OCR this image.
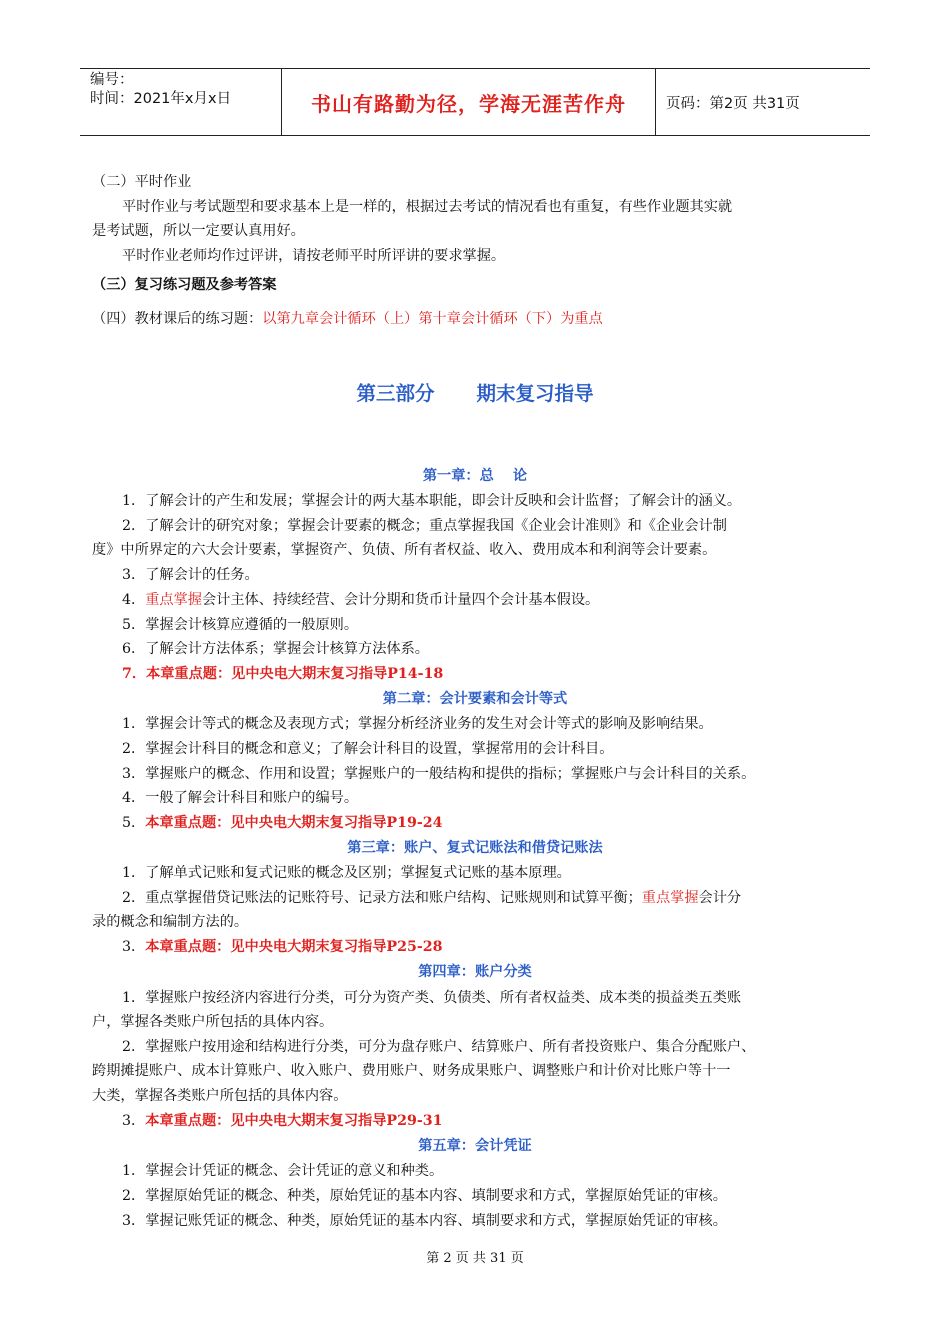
编号：
时间：2021年x月x日	书山有路勤为径，学海无涯苦作舟	页码：第2页 共31页
（二）平时作业
平时作业与考试题型和要求基本上是一样的，根据过去考试的情况看也有重复，有些作业题其实就
是考试题，所以一定要认真用好。
平时作业老师均作过评讲，请按老师平时所评讲的要求掌握。
（三）复习练习题及参考答案
（四）教材课后的练习题：以第九章会计循环（上）第十章会计循环（下）为重点
第三部分 期末复习指导
第一章：总　 论
1．了解会计的产生和发展；掌握会计的两大基本职能，即会计反映和会计监督；了解会计的涵义。
2．了解会计的研究对象；掌握会计要素的概念；重点掌握我国《企业会计准则》和《企业会计制
度》中所界定的六大会计要素，掌握资产、负债、所有者权益、收入、费用成本和利润等会计要素。
3．了解会计的任务。
4．重点掌握会计主体、持续经营、会计分期和货币计量四个会计基本假设。
5．掌握会计核算应遵循的一般原则。
6．了解会计方法体系；掌握会计核算方法体系。
7．本章重点题：见中央电大期末复习指导P14-18
第二章：会计要素和会计等式
1．掌握会计等式的概念及表现方式；掌握分析经济业务的发生对会计等式的影响及影响结果。
2．掌握会计科目的概念和意义；了解会计科目的设置，掌握常用的会计科目。
3．掌握账户的概念、作用和设置；掌握账户的一般结构和提供的指标；掌握账户与会计科目的关系。
4．一般了解会计科目和账户的编号。
5．本章重点题：见中央电大期末复习指导P19-24
第三章：账户、复式记账法和借贷记账法
1．了解单式记账和复式记账的概念及区别；掌握复式记账的基本原理。
2．重点掌握借贷记账法的记账符号、记录方法和账户结构、记账规则和试算平衡；重点掌握会计分
录的概念和编制方法的。
3．本章重点题：见中央电大期末复习指导P25-28
第四章：账户分类
1．掌握账户按经济内容进行分类，可分为资产类、负债类、所有者权益类、成本类的损益类五类账
户，掌握各类账户所包括的具体内容。
2．掌握账户按用途和结构进行分类，可分为盘存账户、结算账户、所有者投资账户、集合分配账户、
跨期摊提账户、成本计算账户、收入账户、费用账户、财务成果账户、调整账户和计价对比账户等十一
大类，掌握各类账户所包括的具体内容。
3．本章重点题：见中央电大期末复习指导P29-31
第五章：会计凭证
1．掌握会计凭证的概念、会计凭证的意义和种类。
2．掌握原始凭证的概念、种类，原始凭证的基本内容、填制要求和方式，掌握原始凭证的审核。
3．掌握记账凭证的概念、种类，原始凭证的基本内容、填制要求和方式，掌握原始凭证的审核。
第 2 页 共 31 页
